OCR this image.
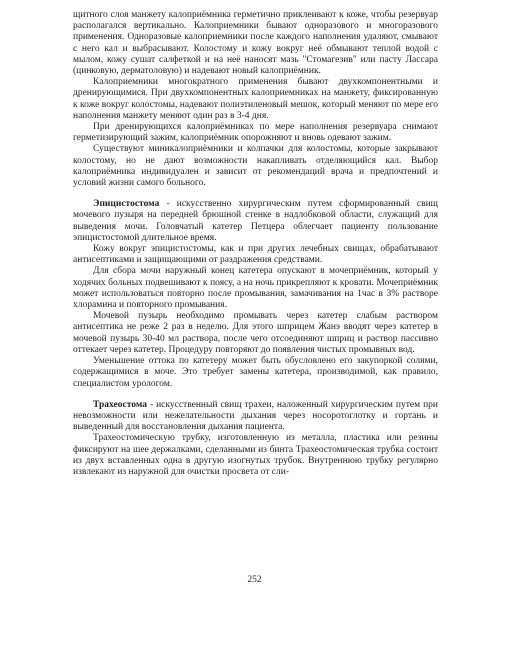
щитного слоя манжету калоприёмника герметично приклеивают к коже, чтобы резервуар располагался вертикально. Калоприемники бывают одноразового и многоразового применения. Одноразовые калоприемники после каждого наполнения удаляют, смывают с него кал и выбрасывают. Колостому и кожу вокруг неё обмывают теплой водой с мылом, кожу сушат салфеткой и на неё наносят мазь "Стомагезив" или пасту Лассара (цинковую, дерматоловую) и надевают новый калоприёмник.

Калоприемники многократного применения бывают двухкомпонентными и дренирующимися. При двухкомпонентных калоприемниках на манжету, фиксированную к коже вокруг колостомы, надевают полиэтиленовый мешок, который меняют по мере его наполнения манжету меняют один раз в 3-4 дня.

При дренирующихся калоприёмниках по мере наполнения резервуара снимают герметизирующий зажим, калоприёмник опорожняют и вновь одевают зажим.

Существуют миникалоприёмники и колпачки для колостомы, которые закрывают колостому, но не дают возможности накапливать отделяющийся кал. Выбор калоприёмника индивидуален и зависит от рекомендаций врача и предпочтений и условий жизни самого больного.

Эпицистостома - искусственно хирургическим путем сформированный свищ мочевого пузыря на передней брюшной стенке в надлобковой области, служащий для выведения мочи. Головчатый катетер Петцера облегчает пациенту пользование эпицистостомой длительное время.

Кожу вокруг эпицистостомы, как и при других лечебных свищах, обрабатывают антисептиками и защищающими от раздражения средствами.

Для сбора мочи наружный конец катетера опускают в мочеприёмник, который у ходячих больных подвешивают к поясу, а на ночь прикрепляют к кровати. Мочеприёмник может использоваться повторно после промывания, замачивания на 1час в 3% растворе хлорамина и повторного промывания.

Мочевой пузырь необходимо промывать через катетер слабым раствором антисептика не реже 2 раз в неделю. Для этого шприцем Жанэ вводят через катетер в мочевой пузырь 30-40 мл раствора, после чего отсоединяют шприц и раствор пассивно оттекает через катетер. Процедуру повторяют до появления чистых промывных вод.

Уменьшение оттока по катетеру может быть обусловлено его закупоркой солями, содержащимися в моче. Это требует замены катетера, производимой, как правило, специалистом урологом.

Трахеостома - искусственный свищ трахеи, наложенный хирургическим путем при невозможности или нежелательности дыхания через носоротоглотку и гортань и выведенный для восстановления дыхания пациента.

Трахеостомическую трубку, изготовленную из металла, пластика или резины фиксируют на шее держалками, сделанными из бинта Трахеостомическая трубка состоит из двух вставленных одна в другую изогнутых трубок. Внутреннюю трубку регулярно извлекают из наружной для очистки просвета от сли-

252
